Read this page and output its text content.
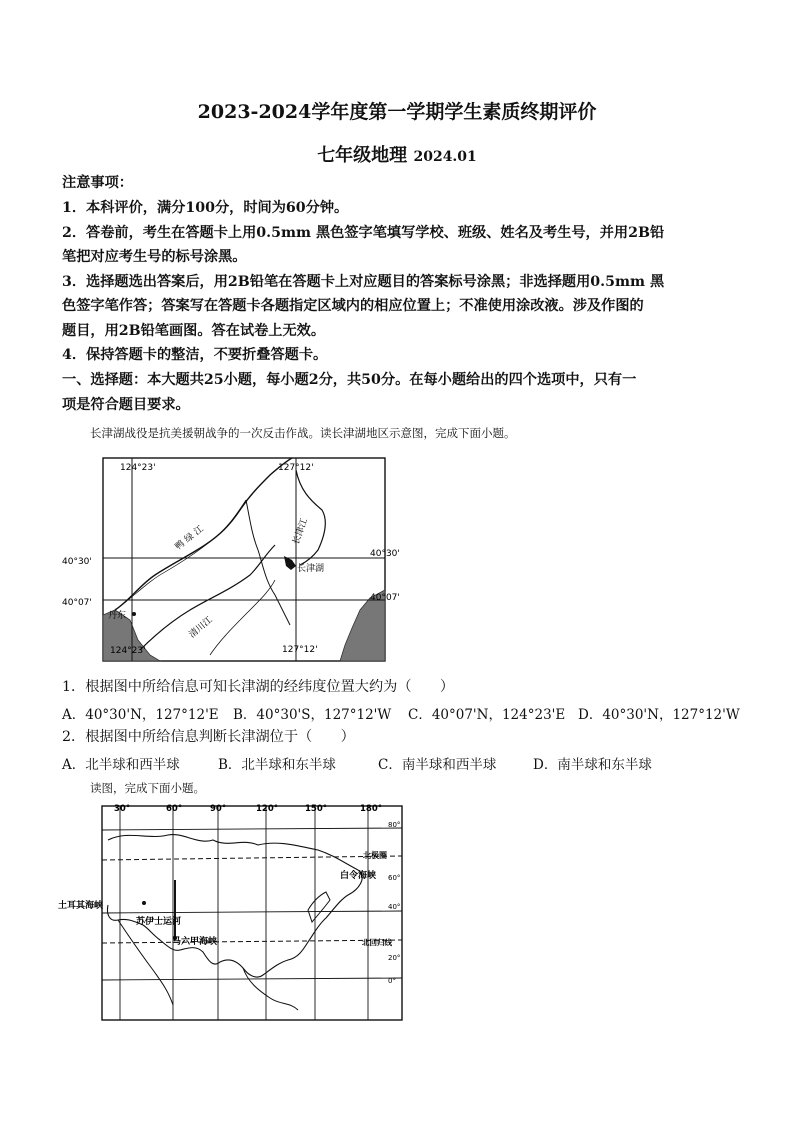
2023-2024学年度第一学期学生素质终期评价
七年级地理 2024.01
注意事项：
1．本科评价，满分100分，时间为60分钟。
2．答卷前，考生在答题卡上用0.5mm 黑色签字笔填写学校、班级、姓名及考生号，并用2B铅
笔把对应考生号的标号涂黑。
3．选择题选出答案后，用2B铅笔在答题卡上对应题目的答案标号涂黑；非选择题用0.5mm 黑
色签字笔作答；答案写在答题卡各题指定区域内的相应位置上；不准使用涂改液。涉及作图的
题目，用2B铅笔画图。答在试卷上无效。
4．保持答题卡的整洁，不要折叠答题卡。
一、选择题：本大题共25小题，每小题2分，共50分。在每小题给出的四个选项中，只有一
项是符合题目要求。
长津湖战役是抗美援朝战争的一次反击作战。读长津湖地区示意图，完成下面小题。
124°23'	127°12'
124°23'	127°12'
40°30'
40°30'
40°07'	40°07'
鸭 绿 江	长津江
清川江
长津湖
丹东
1．根据图中所给信息可知长津湖的经纬度位置大约为（　　）
A．40°30'N，127°12'E B．40°30'S，127°12'W C．40°07'N，124°23'E D．40°30'N，127°12'W
2．根据图中所给信息判断长津湖位于（　　）
A．北半球和西半球	B．北半球和东半球	C．南半球和西半球	D．南半球和东半球
读图，完成下面小题。
30°	60°	90°	120°	150°	180°
80°
60°
40°
20°
0°
北极圈
白令海峡
土耳其海峡
苏伊士运河
马六甲海峡	北回归线
